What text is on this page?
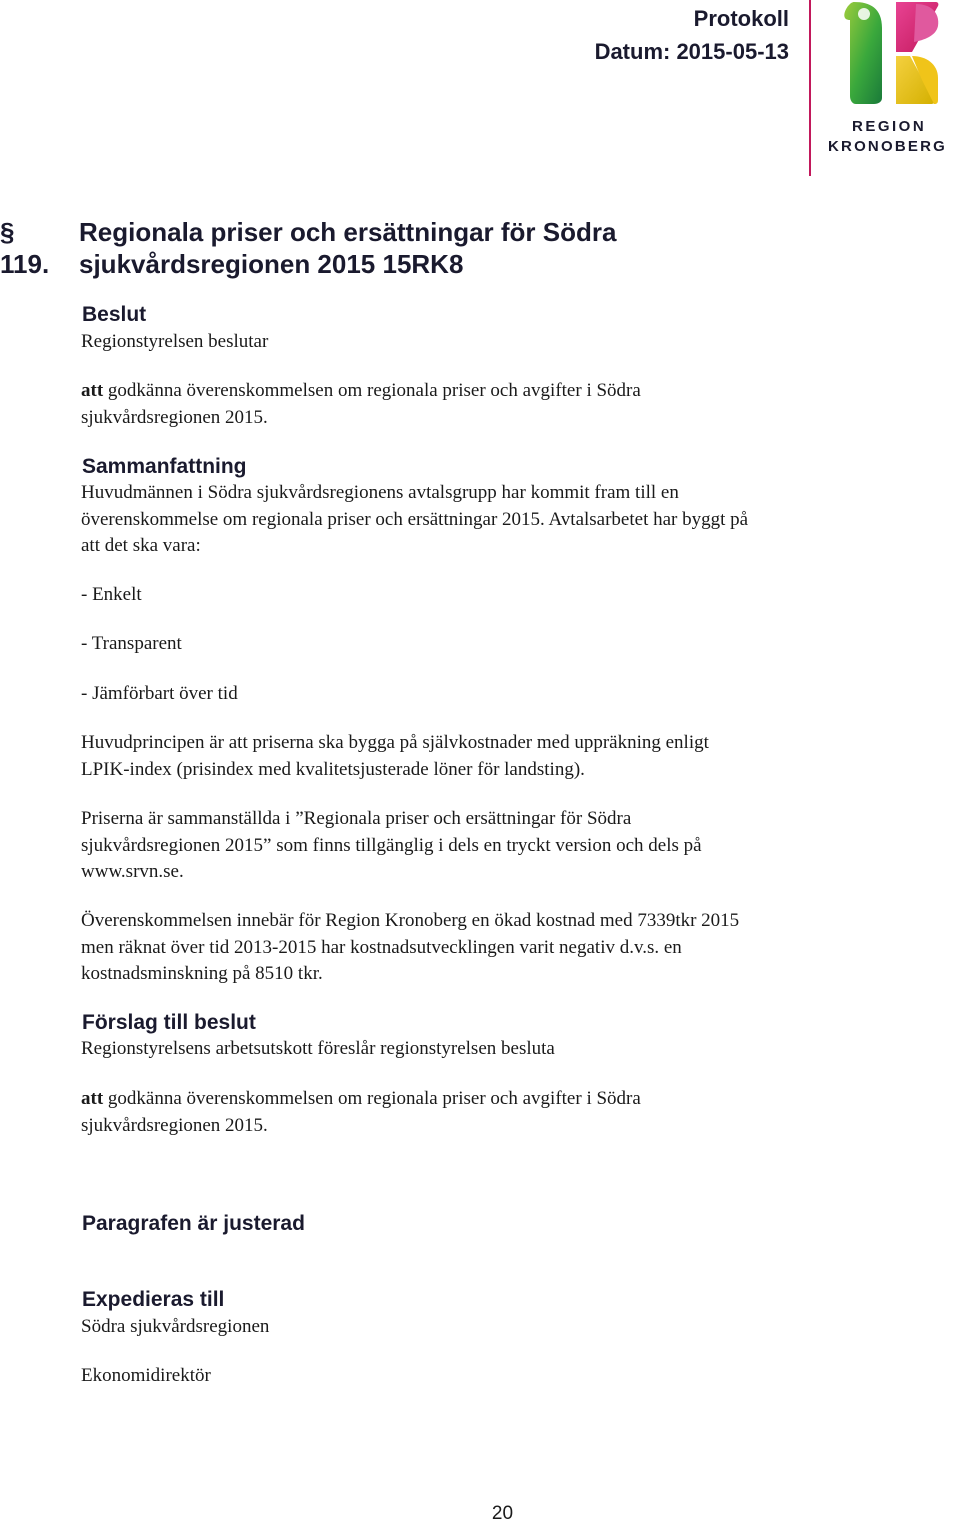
Protokoll
Datum: 2015-05-13
REGION
KRONOBERG
§
119.
Regionala priser och ersättningar för Södra
sjukvårdsregionen 2015 15RK8
Beslut
Regionstyrelsen beslutar
att godkänna överenskommelsen om regionala priser och avgifter i Södra
sjukvårdsregionen 2015.
Sammanfattning
Huvudmännen i Södra sjukvårdsregionens avtalsgrupp har kommit fram till en
överenskommelse om regionala priser och ersättningar 2015. Avtalsarbetet har byggt på
att det ska vara:
- Enkelt
- Transparent
- Jämförbart över tid
Huvudprincipen är att priserna ska bygga på självkostnader med uppräkning enligt
LPIK-index (prisindex med kvalitetsjusterade löner för landsting).
Priserna är sammanställda i ”Regionala priser och ersättningar för Södra
sjukvårdsregionen 2015” som finns tillgänglig i dels en tryckt version och dels på
www.srvn.se.
Överenskommelsen innebär för Region Kronoberg en ökad kostnad med 7339tkr 2015
men räknat över tid 2013-2015 har kostnadsutvecklingen varit negativ d.v.s. en
kostnadsminskning på 8510 tkr.
Förslag till beslut
Regionstyrelsens arbetsutskott föreslår regionstyrelsen besluta
att godkänna överenskommelsen om regionala priser och avgifter i Södra
sjukvårdsregionen 2015.
Paragrafen är justerad
Expedieras till
Södra sjukvårdsregionen
Ekonomidirektör
20
